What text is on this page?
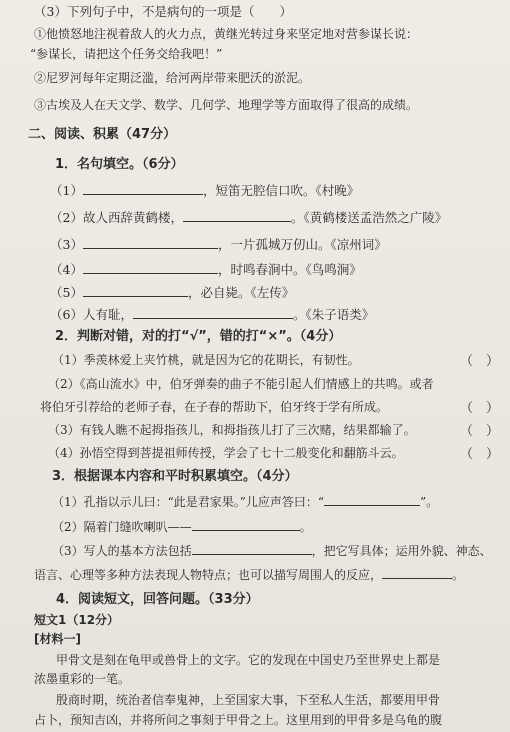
（3）下列句子中，不是病句的一项是（　　）
①他愤怒地注视着敌人的火力点，黄继光转过身来坚定地对营参谋长说：
“参谋长，请把这个任务交给我吧！”
②尼罗河每年定期泛滥，给河两岸带来肥沃的淤泥。
③古埃及人在天文学、数学、几何学、地理学等方面取得了很高的成绩。
二、阅读、积累（47分）
1．名句填空。（6分）
（1）	，短笛无腔信口吹。《村晚》
（2）故人西辞黄鹤楼，	。《黄鹤楼送孟浩然之广陵》
（3）	，一片孤城万仞山。《凉州词》
（4）	，时鸣春涧中。《鸟鸣涧》
（5）	，必自毙。《左传》
（6）人有耻，	。《朱子语类》
2．判断对错，对的打“√”，错的打“×”。（4分）
（1）季羡林爱上夹竹桃，就是因为它的花期长，有韧性。	（　）
（2）《高山流水》中，伯牙弹奏的曲子不能引起人们情感上的共鸣。或者
将伯牙引荐给的老师子春，在子春的帮助下，伯牙终于学有所成。	（　）
（3）有钱人瞧不起拇指孩儿，和拇指孩儿打了三次赌，结果都输了。	（　）
（4）孙悟空得到菩提祖师传授，学会了七十二般变化和翻筋斗云。	（　）
3．根据课本内容和平时积累填空。（4分）
（1）孔指以示儿曰：“此是君家果。”儿应声答曰：“	”。
（2）隔着门缝吹喇叭——	。
（3）写人的基本方法包括	，把它写具体；运用外貌、神态、
语言、心理等多种方法表现人物特点；也可以描写周围人的反应，	。
4．阅读短文，回答问题。（33分）
短文1（12分）
[材料一]
甲骨文是刻在龟甲或兽骨上的文字。它的发现在中国史乃至世界史上都是
浓墨重彩的一笔。
殷商时期，统治者信奉鬼神，上至国家大事，下至私人生活，都要用甲骨
占卜，预知吉凶，并将所问之事刻于甲骨之上。这里用到的甲骨多是乌龟的腹
